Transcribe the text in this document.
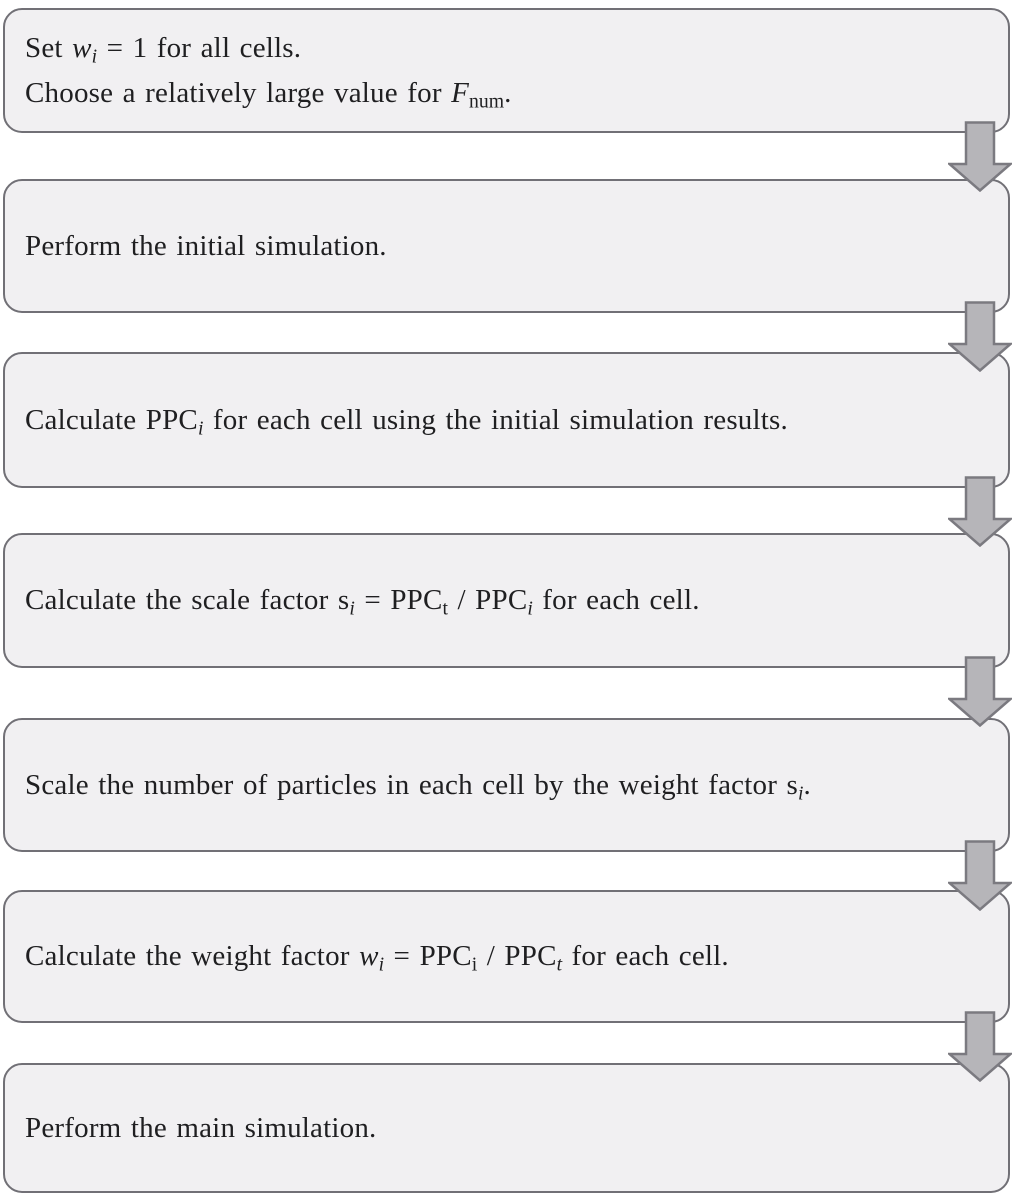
Set $w_i = 1$ for all cells.
Choose a relatively large value for $F_{num}$.
Perform the initial simulation.
Calculate $PPC_i$ for each cell using the initial simulation results.
Calculate the scale factor $s_i = PPC_t / PPC_i$ for each cell.
Scale the number of particles in each cell by the weight factor $s_i$.
Calculate the weight factor $w_i = PPC_i / PPC_t$ for each cell.
Perform the main simulation.
